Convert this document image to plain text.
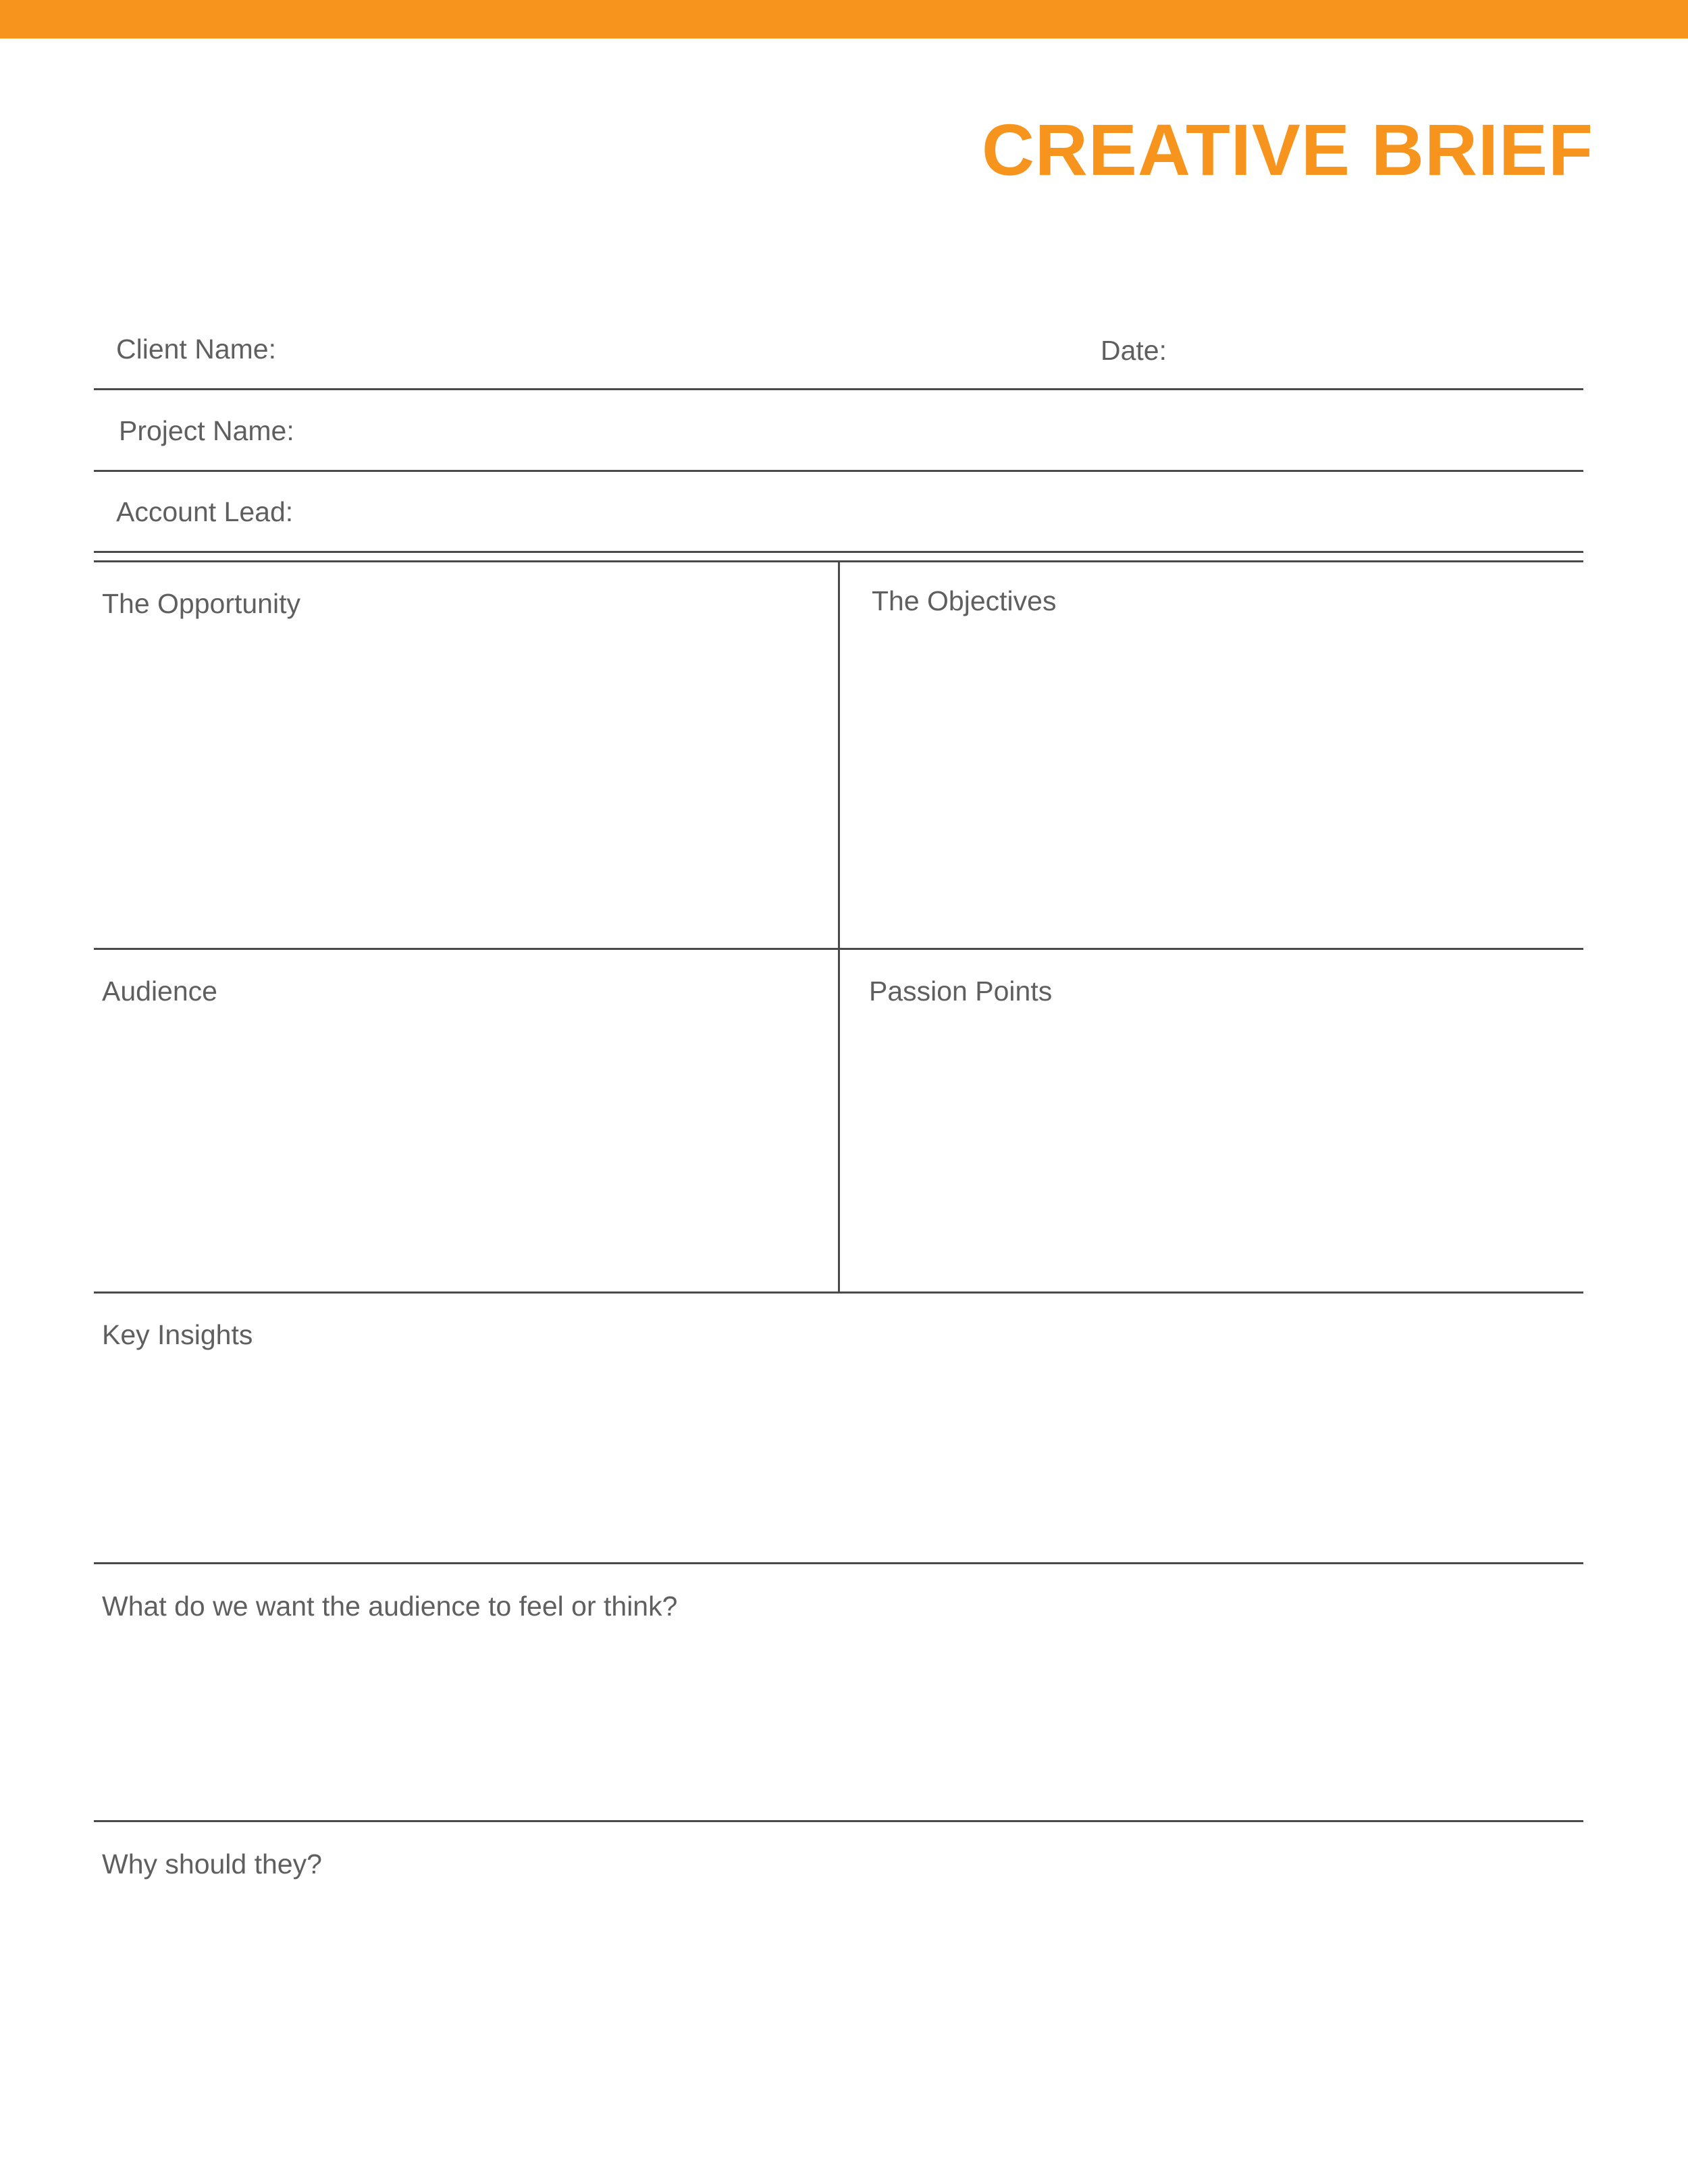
CREATIVE BRIEF
Client Name:	Date:
Project Name:
Account Lead:
The Opportunity	The Objectives
Audience	Passion Points
Key Insights
What do we want the audience to feel or think?
Why should they?
